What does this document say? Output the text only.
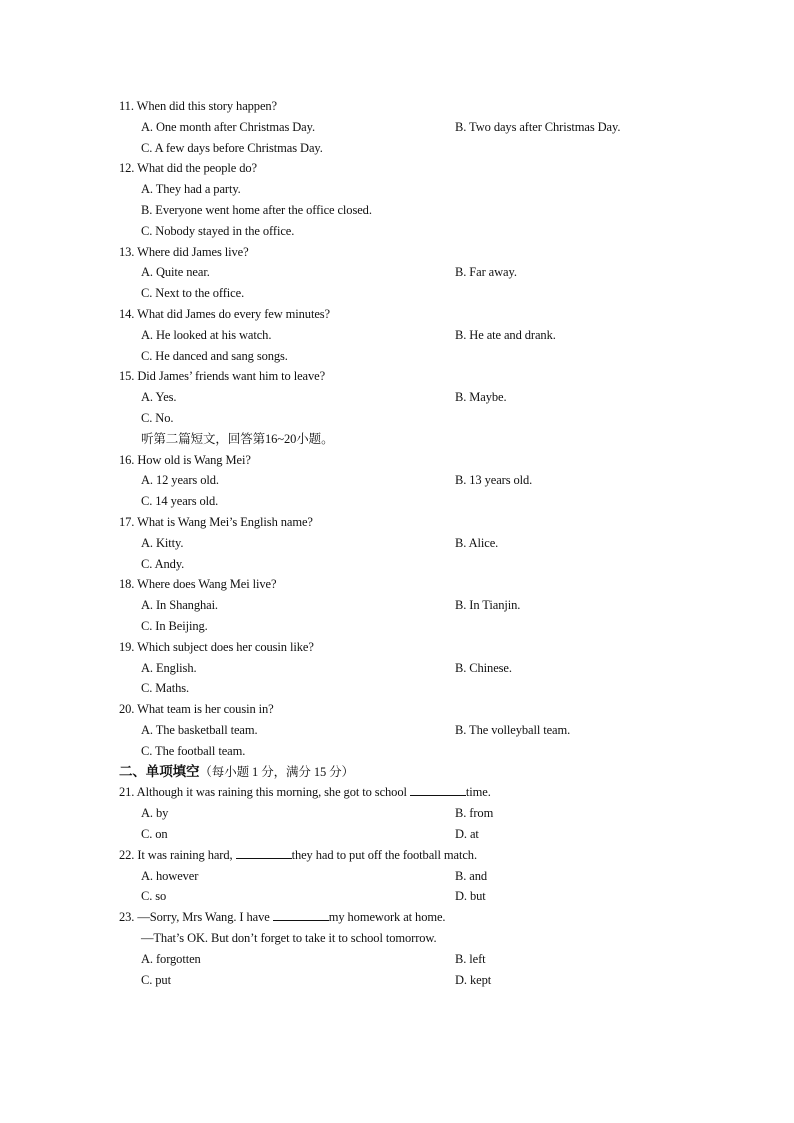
11. When did this story happen?
A. One month after Christmas Day.	B. Two days after Christmas Day.
C. A few days before Christmas Day.
12. What did the people do?
A. They had a party.
B. Everyone went home after the office closed.
C. Nobody stayed in the office.
13. Where did James live?
A. Quite near.	B. Far away.
C. Next to the office.
14. What did James do every few minutes?
A. He looked at his watch.	B. He ate and drank.
C. He danced and sang songs.
15. Did James’ friends want him to leave?
A. Yes.	B. Maybe.
C. No.
听第二篇短文，回答第16~20小题。
16. How old is Wang Mei?
A. 12 years old.	B. 13 years old.
C. 14 years old.
17. What is Wang Mei’s English name?
A. Kitty.	B. Alice.
C. Andy.
18. Where does Wang Mei live?
A. In Shanghai.	B. In Tianjin.
C. In Beijing.
19. Which subject does her cousin like?
A. English.	B. Chinese.
C. Maths.
20. What team is her cousin in?
A. The basketball team.	B. The volleyball team.
C. The football team.
二、单项填空（每小题 1 分，满分 15 分）
21. Although it was raining this morning, she got to school	time.
A. by	B. from
C. on	D. at
22. It was raining hard,	they had to put off the football match.
A. however	B. and
C. so	D. but
23. —Sorry, Mrs Wang. I have	my homework at home.
—That’s OK. But don’t forget to take it to school tomorrow.
A. forgotten	B. left
C. put	D. kept
